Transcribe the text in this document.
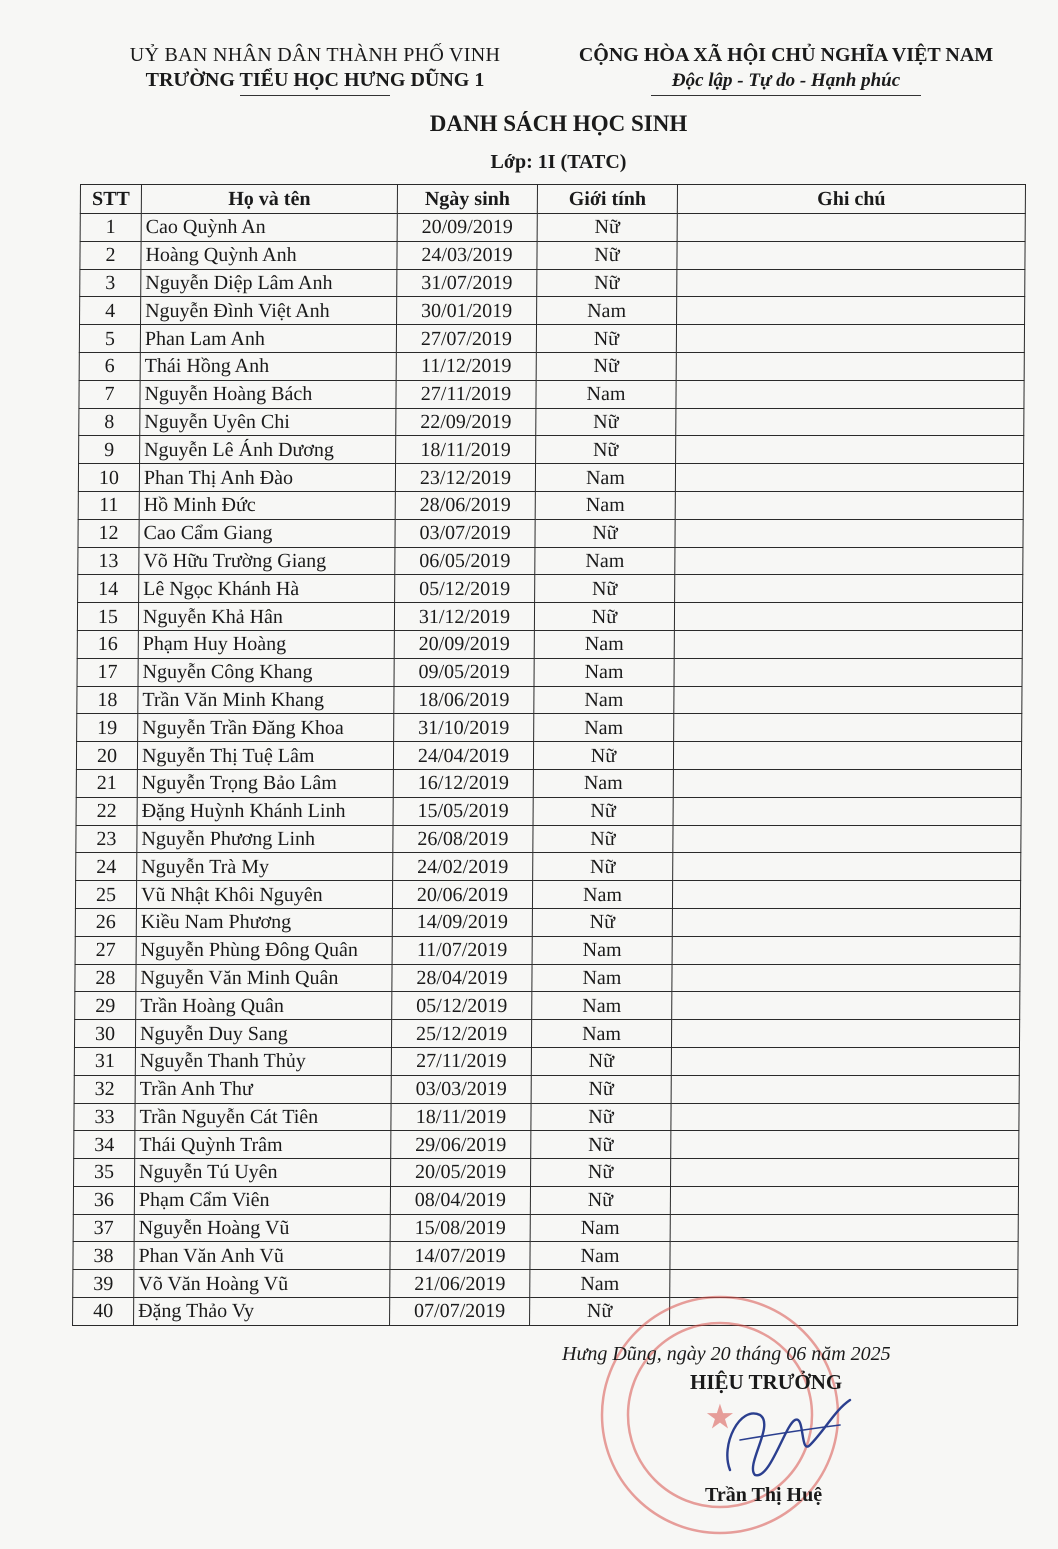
UỶ BAN NHÂN DÂN THÀNH PHỐ VINH
TRƯỜNG TIỂU HỌC HƯNG DŨNG 1
CỘNG HÒA XÃ HỘI CHỦ NGHĨA VIỆT NAM
Độc lập - Tự do - Hạnh phúc
DANH SÁCH HỌC SINH
Lớp: 1I (TATC)
STT	Họ và tên	Ngày sinh	Giới tính	Ghi chú
1	Cao Quỳnh An	20/09/2019	Nữ	
2	Hoàng Quỳnh Anh	24/03/2019	Nữ	
3	Nguyễn Diệp Lâm Anh	31/07/2019	Nữ	
4	Nguyễn Đình Việt Anh	30/01/2019	Nam	
5	Phan Lam Anh	27/07/2019	Nữ	
6	Thái Hồng Anh	11/12/2019	Nữ	
7	Nguyễn Hoàng Bách	27/11/2019	Nam	
8	Nguyễn Uyên Chi	22/09/2019	Nữ	
9	Nguyễn Lê Ánh Dương	18/11/2019	Nữ	
10	Phan Thị Anh Đào	23/12/2019	Nam	
11	Hồ Minh Đức	28/06/2019	Nam	
12	Cao Cẩm Giang	03/07/2019	Nữ	
13	Võ Hữu Trường Giang	06/05/2019	Nam	
14	Lê Ngọc Khánh Hà	05/12/2019	Nữ	
15	Nguyễn Khả Hân	31/12/2019	Nữ	
16	Phạm Huy Hoàng	20/09/2019	Nam	
17	Nguyễn Công Khang	09/05/2019	Nam	
18	Trần Văn Minh Khang	18/06/2019	Nam	
19	Nguyễn Trần Đăng Khoa	31/10/2019	Nam	
20	Nguyễn Thị Tuệ Lâm	24/04/2019	Nữ	
21	Nguyễn Trọng Bảo Lâm	16/12/2019	Nam	
22	Đặng Huỳnh Khánh Linh	15/05/2019	Nữ	
23	Nguyễn Phương Linh	26/08/2019	Nữ	
24	Nguyễn Trà My	24/02/2019	Nữ	
25	Vũ Nhật Khôi Nguyên	20/06/2019	Nam	
26	Kiều Nam Phương	14/09/2019	Nữ	
27	Nguyễn Phùng Đông Quân	11/07/2019	Nam	
28	Nguyễn Văn Minh Quân	28/04/2019	Nam	
29	Trần Hoàng Quân	05/12/2019	Nam	
30	Nguyễn Duy Sang	25/12/2019	Nam	
31	Nguyễn Thanh Thủy	27/11/2019	Nữ	
32	Trần Anh Thư	03/03/2019	Nữ	
33	Trần Nguyễn Cát Tiên	18/11/2019	Nữ	
34	Thái Quỳnh Trâm	29/06/2019	Nữ	
35	Nguyễn Tú Uyên	20/05/2019	Nữ	
36	Phạm Cẩm Viên	08/04/2019	Nữ	
37	Nguyễn Hoàng Vũ	15/08/2019	Nam	
38	Phan Văn Anh Vũ	14/07/2019	Nam	
39	Võ Văn Hoàng Vũ	21/06/2019	Nam	
40	Đặng Thảo Vy	07/07/2019	Nữ	
★
Hưng Dũng, ngày 20 tháng 06 năm 2025
HIỆU TRƯỞNG
Trần Thị Huệ
